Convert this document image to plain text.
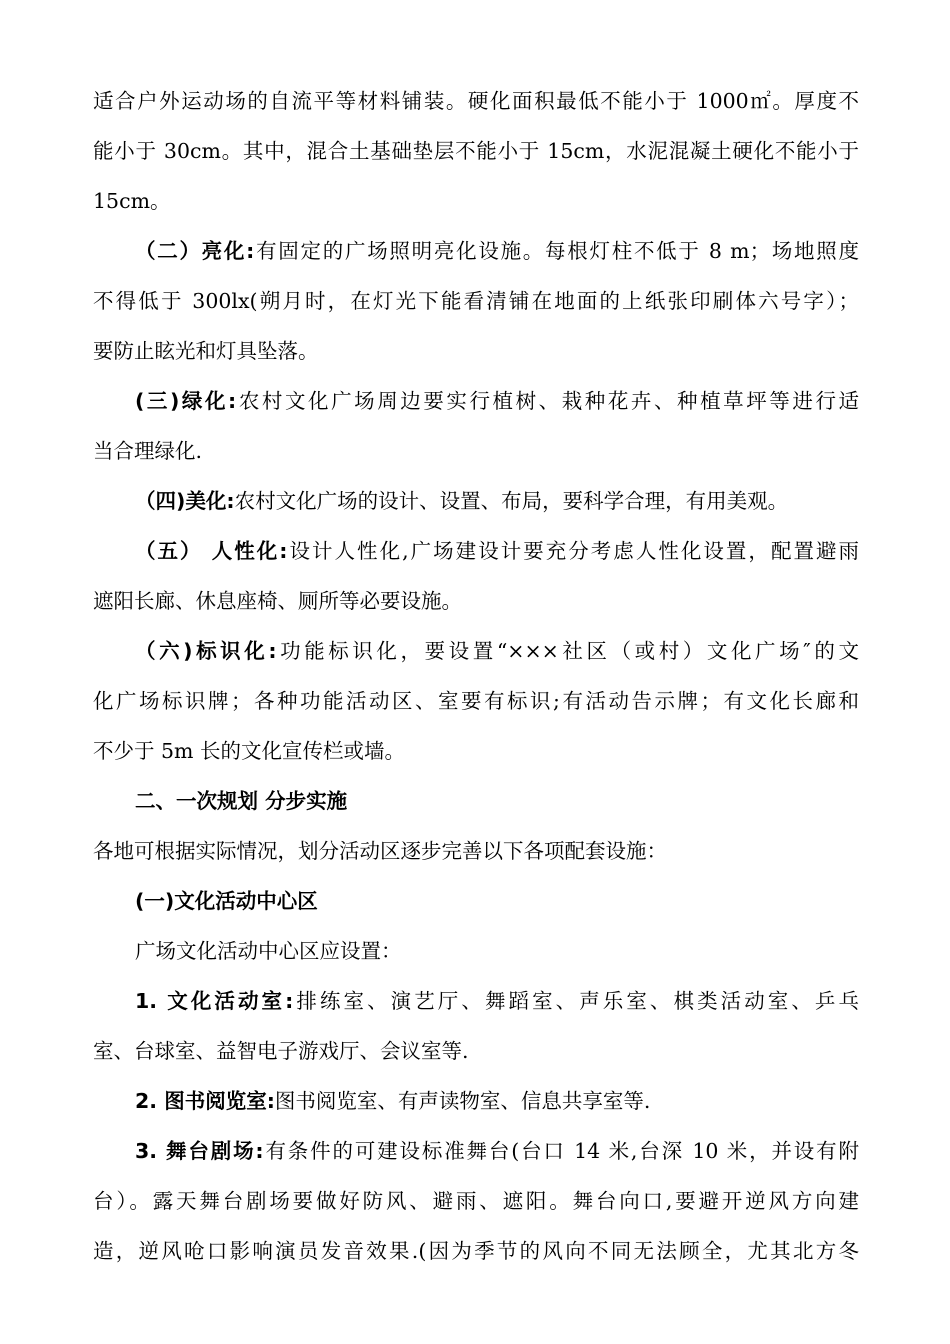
适合户外运动场的自流平等材料铺装。硬化面积最低不能小于 1000㎡。厚度不
能小于 30cm。其中，混合土基础垫层不能小于 15cm，水泥混凝土硬化不能小于
15cm。
（二）亮化:有固定的广场照明亮化设施。每根灯柱不低于 8 m；场地照度
不得低于 300lx(朔月时，在灯光下能看清铺在地面的上纸张印刷体六号字）；
要防止眩光和灯具坠落。
(三)绿化:农村文化广场周边要实行植树、栽种花卉、种植草坪等进行适
当合理绿化.
（四)美化:农村文化广场的设计、设置、布局，要科学合理，有用美观。
（五） 人性化:设计人性化,广场建设计要充分考虑人性化设置，配置避雨
遮阳长廊、休息座椅、厕所等必要设施。
（六)标识化:功能标识化，要设置“×××社区（或村）文化广场″的文
化广场标识牌；各种功能活动区、室要有标识;有活动告示牌；有文化长廊和
不少于 5m 长的文化宣传栏或墙。
二、一次规划 分步实施
各地可根据实际情况，划分活动区逐步完善以下各项配套设施：
(一)文化活动中心区
广场文化活动中心区应设置：
1. 文化活动室:排练室、演艺厅、舞蹈室、声乐室、棋类活动室、乒乓
室、台球室、益智电子游戏厅、会议室等.
2. 图书阅览室:图书阅览室、有声读物室、信息共享室等.
3. 舞台剧场:有条件的可建设标准舞台(台口 14 米,台深 10 米，并设有附
台）。露天舞台剧场要做好防风、避雨、遮阳。舞台向口,要避开逆风方向建
造，逆风呛口影响演员发音效果.(因为季节的风向不同无法顾全，尤其北方冬
